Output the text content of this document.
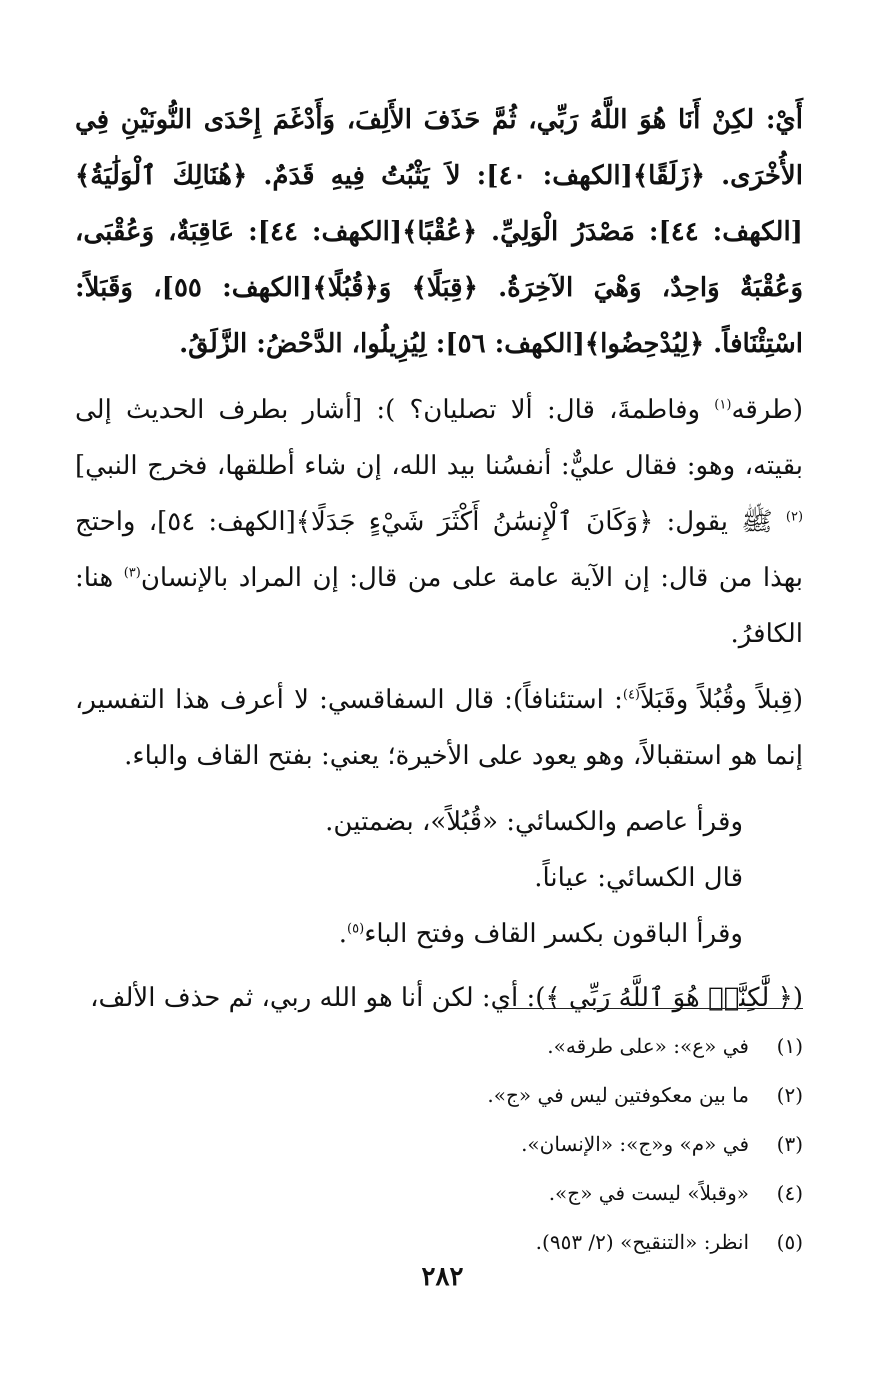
أَيْ: لكِنْ أَنَا هُوَ اللَّهُ رَبِّي، ثُمَّ حَذَفَ الأَلِفَ، وَأَدْغَمَ إِحْدَى النُّونَيْنِ فِي الأُخْرَى. ﴿زَلَقًا﴾[الكهف: ٤٠]: لاَ يَثْبُتُ فِيهِ قَدَمٌ. ﴿هُنَالِكَ ٱلْوَلَٰيَةُ﴾[الكهف: ٤٤]: مَصْدَرُ الْوَلِيِّ. ﴿عُقْبًا﴾[الكهف: ٤٤]: عَاقِبَةٌ، وَعُقْبَى، وَعُقْبَةٌ وَاحِدٌ، وَهْيَ الآخِرَةُ. ﴿قِبَلًا﴾ وَ﴿قُبُلًا﴾[الكهف: ٥٥]، وَقَبَلاً: اسْتِئْنَافاً. ﴿لِيُدْحِضُوا﴾[الكهف: ٥٦]: لِيُزِيلُوا، الدَّحْضُ: الزَّلَقُ.

(طرقه$^{(١)}$ وفاطمةَ، قال: ألا تصليان؟ ): [أشار بطرف الحديث إلى بقيته، وهو: فقال عليٌّ: أنفسُنا بيد الله، إن شاء أطلقها، فخرج النبي]$^{(٢)}$ ﷺ يقول: ﴿وَكَانَ ٱلْإِنسَٰنُ أَكْثَرَ شَيْءٍ جَدَلًا﴾[الكهف: ٥٤]، واحتج بهذا من قال: إن الآية عامة على من قال: إن المراد بالإنسان$^{(٣)}$ هنا: الكافرُ.

(قِبلاً وقُبُلاً وقَبَلاً$^{(٤)}$: استئنافاً): قال السفاقسي: لا أعرف هذا التفسير، إنما هو استقبالاً، وهو يعود على الأخيرة؛ يعني: بفتح القاف والباء.

وقرأ عاصم والكسائي: «قُبُلاً»، بضمتين.

قال الكسائي: عياناً.

وقرأ الباقون بكسر القاف وفتح الباء$^{(٥)}$.

(﴿ لَّٰكِنَّا۠ هُوَ ٱللَّهُ رَبِّي ﴾): أي: لكن أنا هو الله ربي، ثم حذف الألف،

(١)
في «ع»: «على طرقه».
(٢)
ما بين معكوفتين ليس في «ج».
(٣)
في «م» و«ج»: «الإنسان».
(٤)
«وقبلاً» ليست في «ج».
(٥)
انظر: «التنقيح» (٢/ ٩٥٣).
٢٨٢
